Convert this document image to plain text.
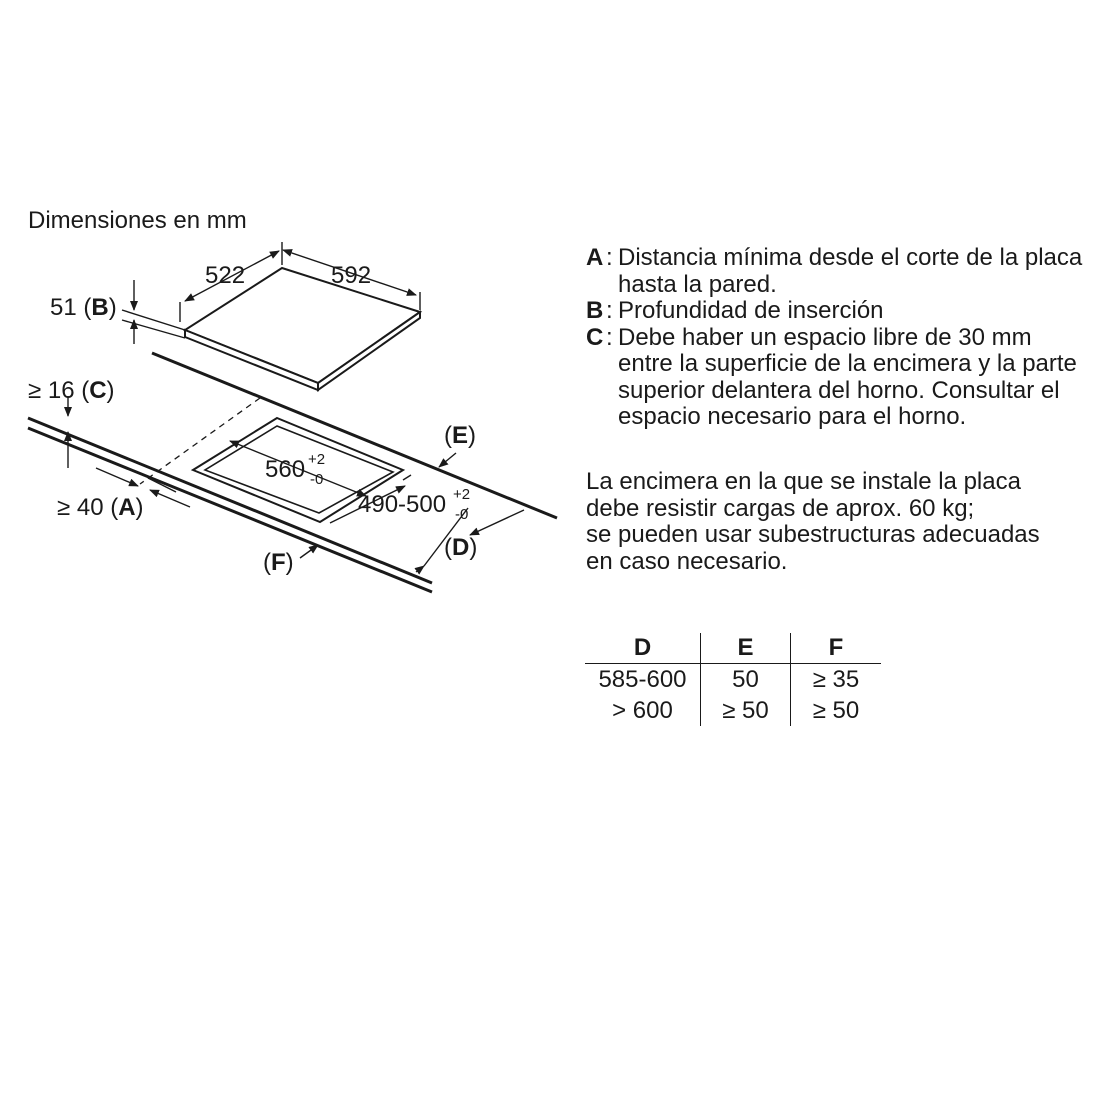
Dimensiones en mm
522	592
51 (B)
≥ 16 (C)
≥ 40 (A)
560 +2
-0
490-500 +2
-0
(E)
(D)
(F)
A : Distancia mínima desde el corte de la placa hasta la pared.
B : Profundidad de inserción
C : Debe haber un espacio libre de 30 mm entre la superficie de la encimera y la parte superior delantera del horno. Consultar el espacio necesario para el horno.
La encimera en la que se instale la placa
debe resistir cargas de aprox. 60 kg;
se pueden usar subestructuras adecuadas
en caso necesario.
D	E	F
585-600	50	≥ 35
> 600	≥ 50	≥ 50
